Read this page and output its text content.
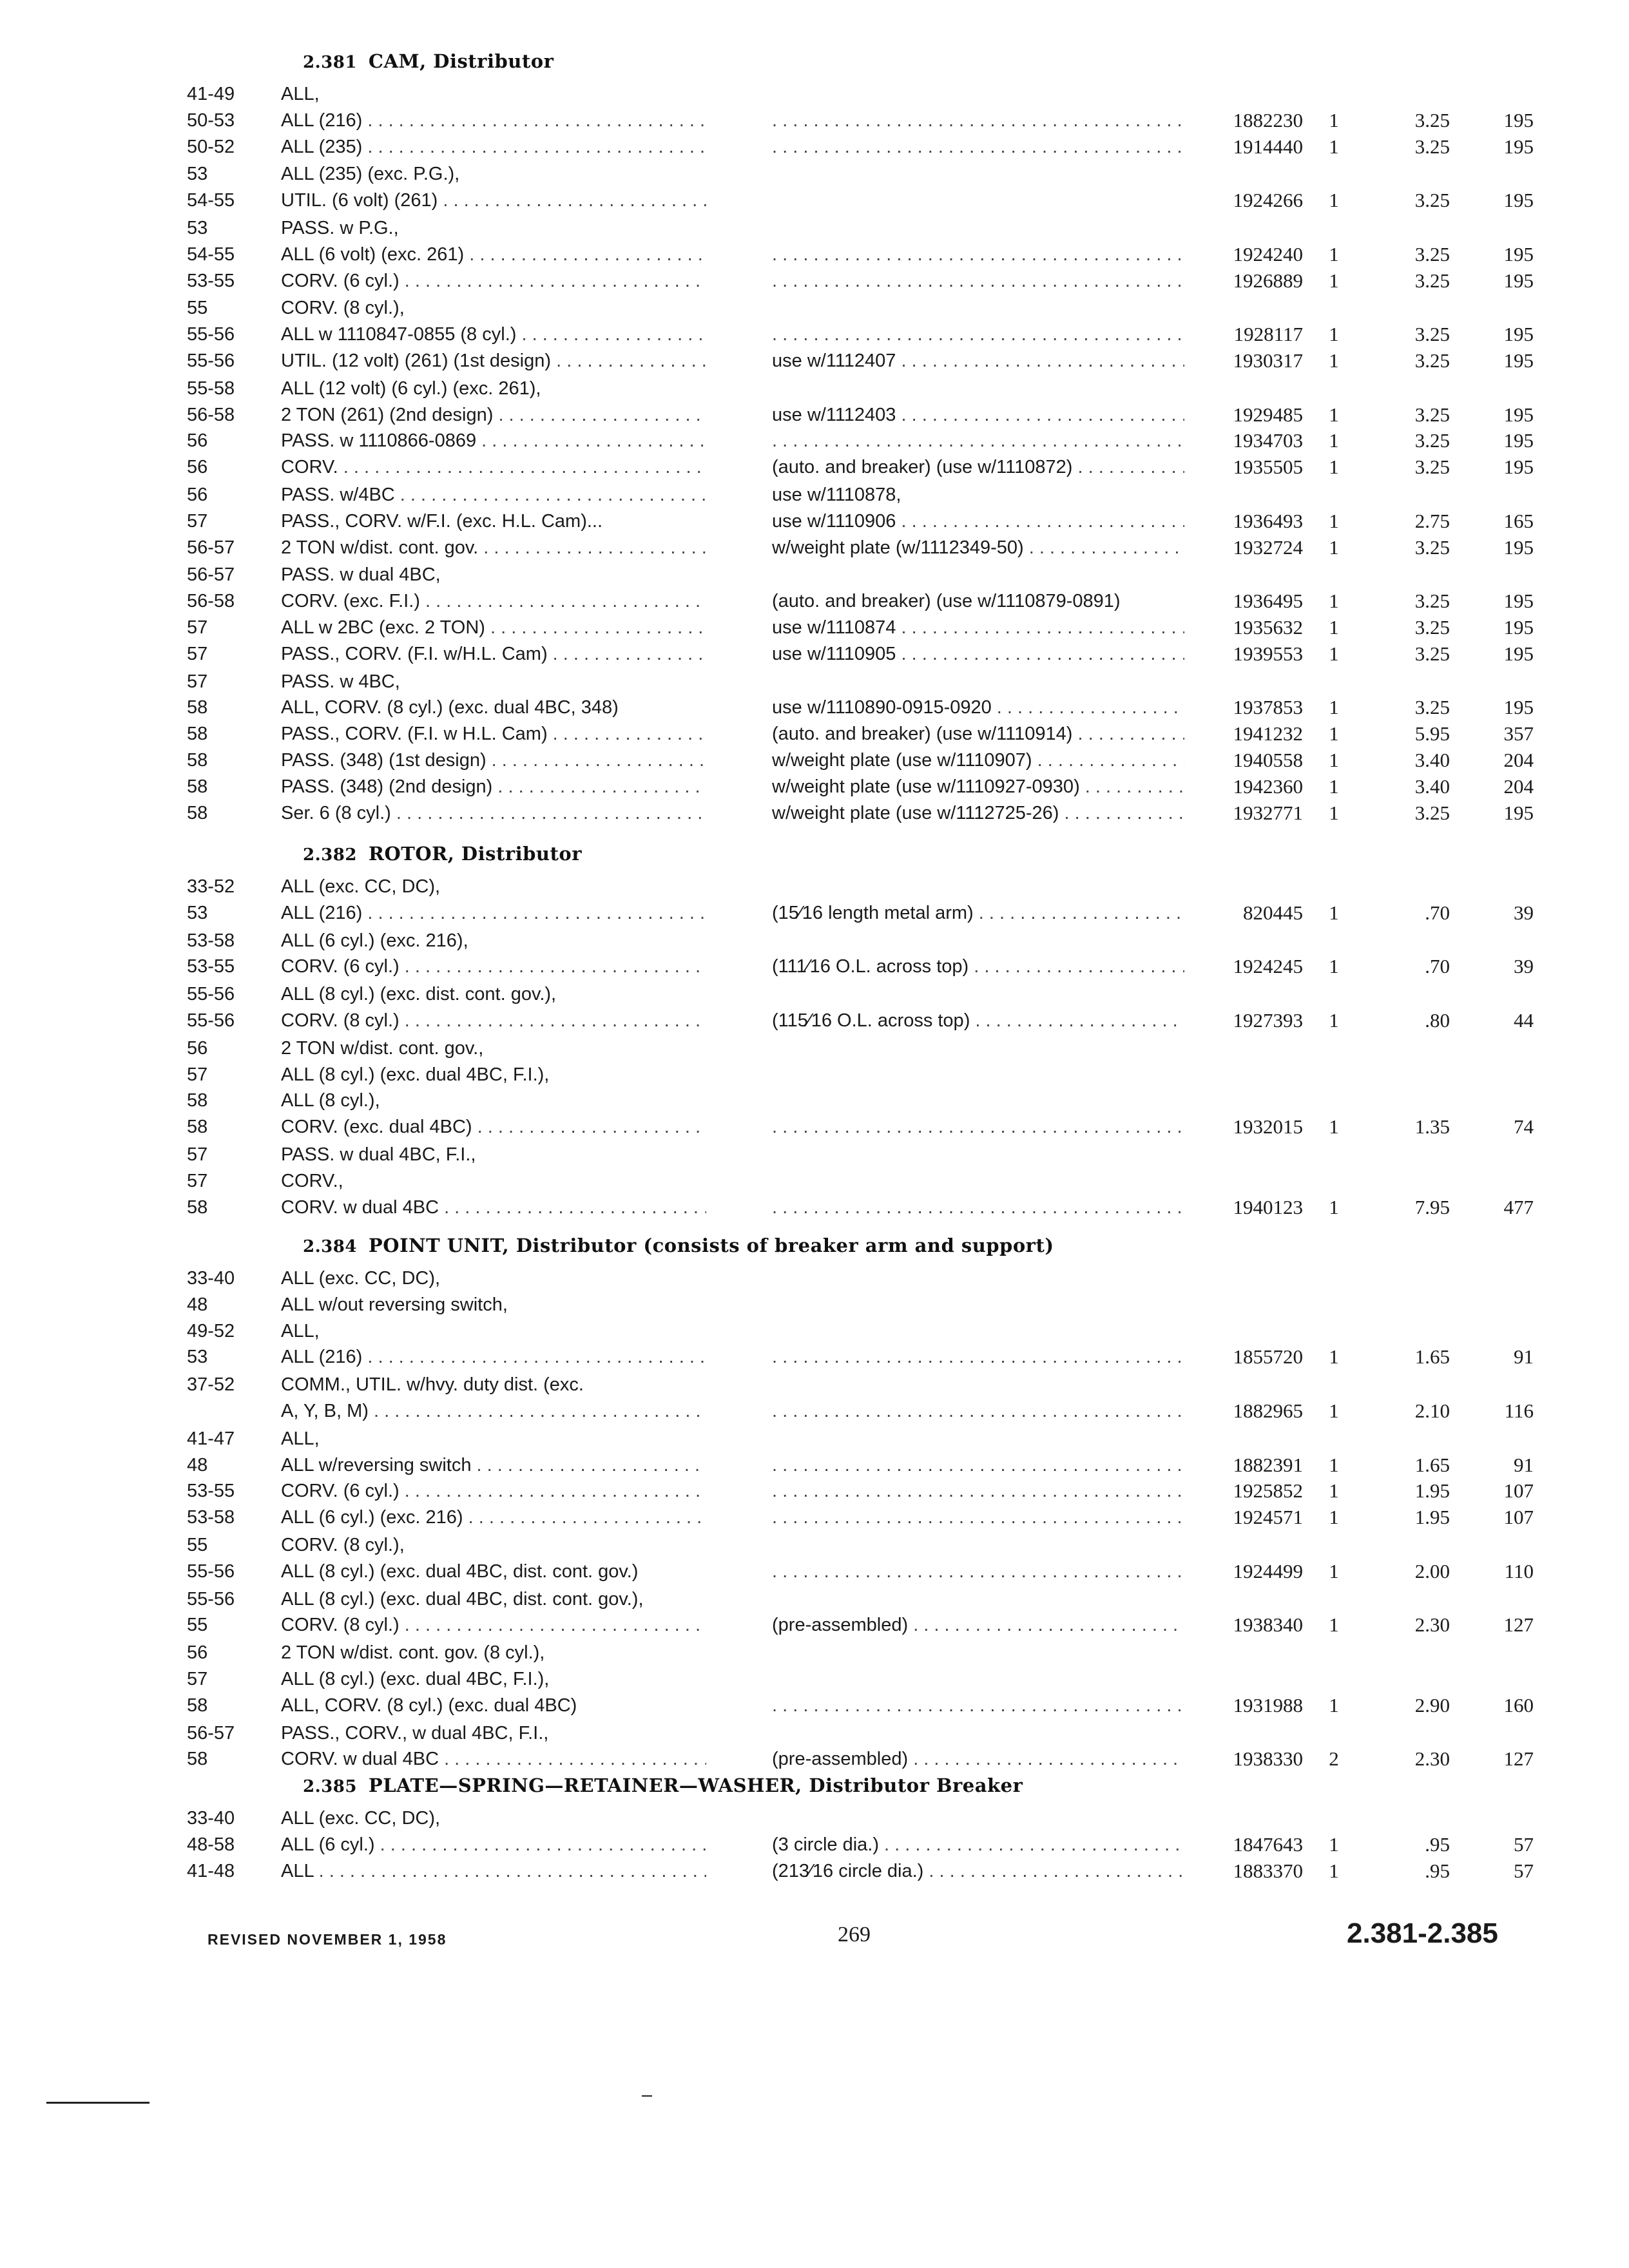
2.381 CAM, Distributor
41-49	ALL,
50-53	ALL (216) . . . . . .	1882230	1	3.25	195
50-52	ALL (235) . . . . . .	1914440	1	3.25	195
53	ALL (235) (exc. P.G.),
54-55	UTIL. (6 volt) (261) . . .	1924266	1	3.25	195
53	PASS. w P.G.,
54-55	ALL (6 volt) (exc. 261) . . . . . .	1924240	1	3.25	195
53-55	CORV. (6 cyl.) . . . . . .	1926889	1	3.25	195
55	CORV. (8 cyl.),
55-56	ALL w 1110847-0855 (8 cyl.) . . . . . .	1928117	1	3.25	195
55-56	UTIL. (12 volt) (261) (1st design) . . .	use w/1112407 . . .	1930317	1	3.25	195
55-58	ALL (12 volt) (6 cyl.) (exc. 261),
56-58	2 TON (261) (2nd design) . . .	use w/1112403 . . .	1929485	1	3.25	195
56	PASS. w 1110866-0869 . . . . . .	1934703	1	3.25	195
56	CORV. . . .	(auto. and breaker) (use w/1110872) . . .	1935505	1	3.25	195
56	PASS. w/4BC . . .	use w/1110878,
57	PASS., CORV. w/F.I. (exc. H.L. Cam)...	use w/1110906 . . .	1936493	1	2.75	165
56-57	2 TON w/dist. cont. gov. . . .	w/weight plate (w/1112349-50) . . .	1932724	1	3.25	195
56-57	PASS. w dual 4BC,
56-58	CORV. (exc. F.I.) . . .	(auto. and breaker) (use w/1110879-0891)	1936495	1	3.25	195
57	ALL w 2BC (exc. 2 TON) . . .	use w/1110874 . . .	1935632	1	3.25	195
57	PASS., CORV. (F.I. w/H.L. Cam) . . .	use w/1110905 . . .	1939553	1	3.25	195
57	PASS. w 4BC,
58	ALL, CORV. (8 cyl.) (exc. dual 4BC, 348)	use w/1110890-0915-0920 . . .	1937853	1	3.25	195
58	PASS., CORV. (F.I. w H.L. Cam) . . .	(auto. and breaker) (use w/1110914) . . .	1941232	1	5.95	357
58	PASS. (348) (1st design) . . .	w/weight plate (use w/1110907) . . .	1940558	1	3.40	204
58	PASS. (348) (2nd design) . . .	w/weight plate (use w/1110927-0930) . . .	1942360	1	3.40	204
58	Ser. 6 (8 cyl.) . . .	w/weight plate (use w/1112725-26) . . .	1932771	1	3.25	195
2.382 ROTOR, Distributor
33-52	ALL (exc. CC, DC),
53	ALL (216) . . .	(15⁄16 length metal arm) . . .	820445	1	.70	39
53-58	ALL (6 cyl.) (exc. 216),
53-55	CORV. (6 cyl.) . . .	(111⁄16 O.L. across top) . . .	1924245	1	.70	39
55-56	ALL (8 cyl.) (exc. dist. cont. gov.),
55-56	CORV. (8 cyl.) . . .	(115⁄16 O.L. across top) . . .	1927393	1	.80	44
56	2 TON w/dist. cont. gov.,
57	ALL (8 cyl.) (exc. dual 4BC, F.I.),
58	ALL (8 cyl.),
58	CORV. (exc. dual 4BC) . . . . . .	1932015	1	1.35	74
57	PASS. w dual 4BC, F.I.,
57	CORV.,
58	CORV. w dual 4BC . . . . . .	1940123	1	7.95	477
2.384 POINT UNIT, Distributor (consists of breaker arm and support)
33-40	ALL (exc. CC, DC),
48	ALL w/out reversing switch,
49-52	ALL,
53	ALL (216) . . . . . .	1855720	1	1.65	91
37-52	COMM., UTIL. w/hvy. duty dist. (exc.
A, Y, B, M) . . . . . .	1882965	1	2.10	116
41-47	ALL,
48	ALL w/reversing switch . . . . . .	1882391	1	1.65	91
53-55	CORV. (6 cyl.) . . . . . .	1925852	1	1.95	107
53-58	ALL (6 cyl.) (exc. 216) . . . . . .	1924571	1	1.95	107
55	CORV. (8 cyl.),
55-56	ALL (8 cyl.) (exc. dual 4BC, dist. cont. gov.) . . .	1924499	1	2.00	110
55-56	ALL (8 cyl.) (exc. dual 4BC, dist. cont. gov.),
55	CORV. (8 cyl.) . . .	(pre-assembled) . . .	1938340	1	2.30	127
56	2 TON w/dist. cont. gov. (8 cyl.),
57	ALL (8 cyl.) (exc. dual 4BC, F.I.),
58	ALL, CORV. (8 cyl.) (exc. dual 4BC) . . .	1931988	1	2.90	160
56-57	PASS., CORV., w dual 4BC, F.I.,
58	CORV. w dual 4BC . . .	(pre-assembled) . . .	1938330	2	2.30	127
2.385 PLATE—SPRING—RETAINER—WASHER, Distributor Breaker
33-40	ALL (exc. CC, DC),
48-58	ALL (6 cyl.) . . .	(3 circle dia.) . . .	1847643	1	.95	57
41-48	ALL . . .	(213⁄16 circle dia.) . . .	1883370	1	.95	57
REVISED NOVEMBER 1, 1958	269	2.381-2.385
